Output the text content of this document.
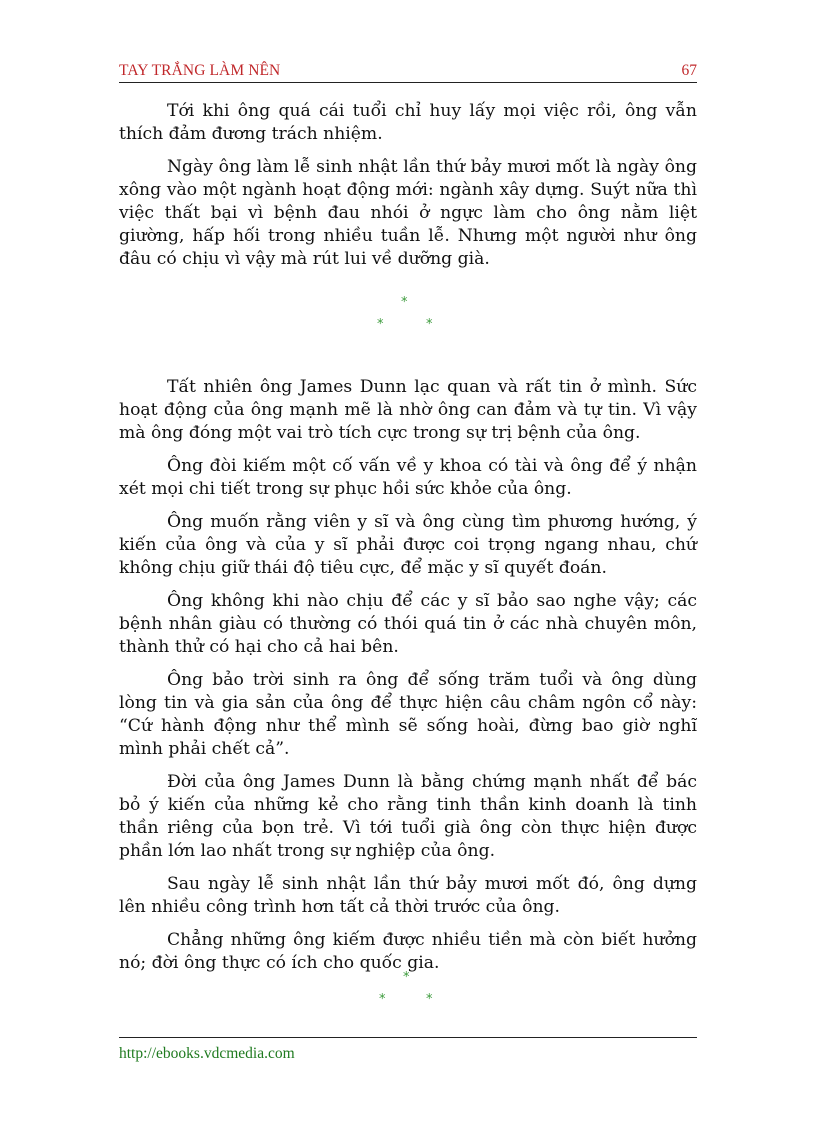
TAY TRẮNG LÀM NÊN	67

Tới khi ông quá cái tuổi chỉ huy lấy mọi việc rồi, ông vẫn thích đảm đương trách nhiệm.

Ngày ông làm lễ sinh nhật lần thứ bảy mươi mốt là ngày ông xông vào một ngành hoạt động mới: ngành xây dựng. Suýt nữa thì việc thất bại vì bệnh đau nhói ở ngực làm cho ông nằm liệt giường, hấp hối trong nhiều tuần lễ. Nhưng một người như ông đâu có chịu vì vậy mà rút lui về dưỡng già.

*
*	*

Tất nhiên ông James Dunn lạc quan và rất tin ở mình. Sức hoạt động của ông mạnh mẽ là nhờ ông can đảm và tự tin. Vì vậy mà ông đóng một vai trò tích cực trong sự trị bệnh của ông.

Ông đòi kiếm một cố vấn về y khoa có tài và ông để ý nhận xét mọi chi tiết trong sự phục hồi sức khỏe của ông.

Ông muốn rằng viên y sĩ và ông cùng tìm phương hướng, ý kiến của ông và của y sĩ phải được coi trọng ngang nhau, chứ không chịu giữ thái độ tiêu cực, để mặc y sĩ quyết đoán.

Ông không khi nào chịu để các y sĩ bảo sao nghe vậy; các bệnh nhân giàu có thường có thói quá tin ở các nhà chuyên môn, thành thử có hại cho cả hai bên.

Ông bảo trời sinh ra ông để sống trăm tuổi và ông dùng lòng tin và gia sản của ông để thực hiện câu châm ngôn cổ này: “Cứ hành động như thể mình sẽ sống hoài, đừng bao giờ nghĩ mình phải chết cả”.

Đời của ông James Dunn là bằng chứng mạnh nhất để bác bỏ ý kiến của những kẻ cho rằng tinh thần kinh doanh là tinh thần riêng của bọn trẻ. Vì tới tuổi già ông còn thực hiện được phần lớn lao nhất trong sự nghiệp của ông.

Sau ngày lễ sinh nhật lần thứ bảy mươi mốt đó, ông dựng lên nhiều công trình hơn tất cả thời trước của ông.

Chẳng những ông kiếm được nhiều tiền mà còn biết hưởng nó; đời ông thực có ích cho quốc gia.

*
*	*
http://ebooks.vdcmedia.com
